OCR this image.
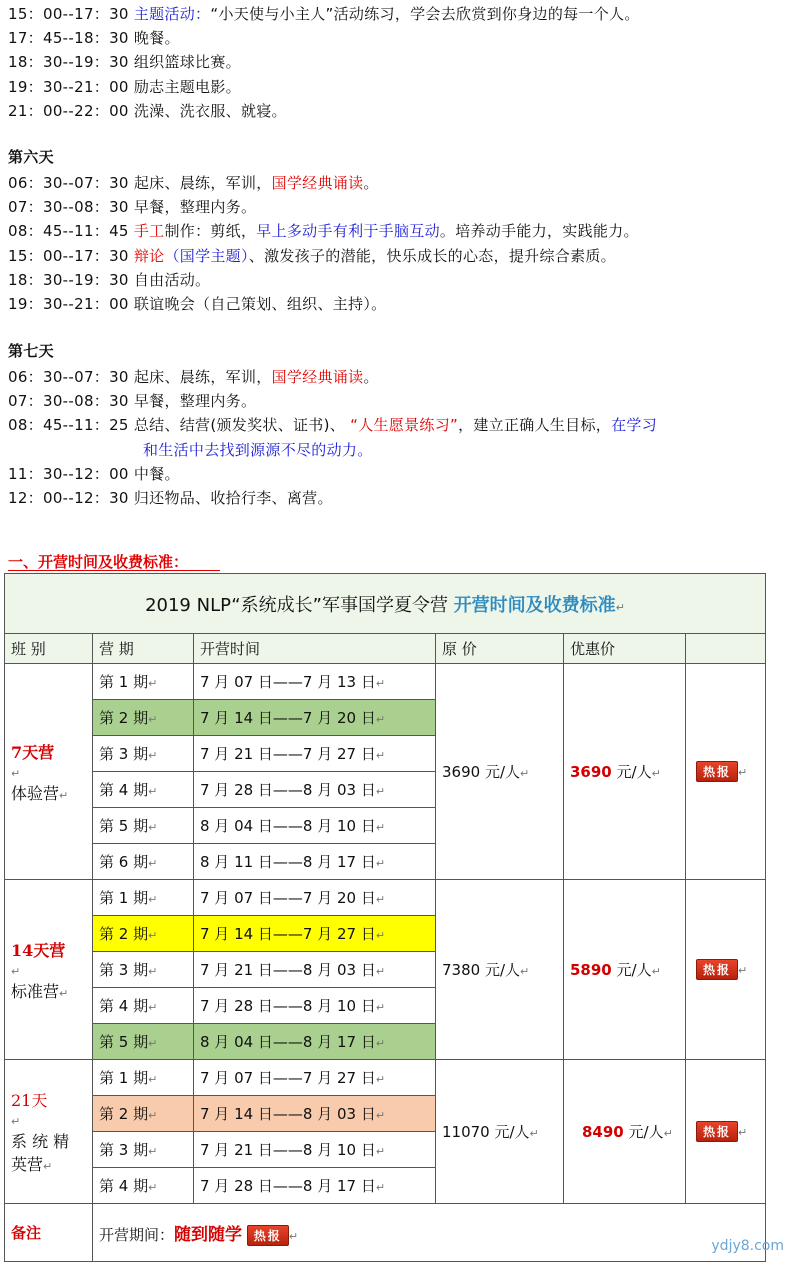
15：00--17：30 主题活动：“小天使与小主人”活动练习，学会去欣赏到你身边的每一个人。
17：45--18：30 晚餐。
18：30--19：30 组织篮球比赛。
19：30--21：00 励志主题电影。
21：00--22：00 洗澡、洗衣服、就寝。
第六天
06：30--07：30 起床、晨练，军训，国学经典诵读。
07：30--08：30 早餐，整理内务。
08：45--11：45 手工制作：剪纸，早上多动手有利于手脑互动。培养动手能力，实践能力。
15：00--17：30 辩论（国学主题）、激发孩子的潜能，快乐成长的心态，提升综合素质。
18：30--19：30 自由活动。
19：30--21：00 联谊晚会（自己策划、组织、主持）。
第七天
06：30--07：30 起床、晨练，军训，国学经典诵读。
07：30--08：30 早餐，整理内务。
08：45--11：25 总结、结营(颁发奖状、证书)、 “人生愿景练习”，建立正确人生目标，在学习
和生活中去找到源源不尽的动力。
11：30--12：00 中餐。
12：00--12：30 归还物品、收拾行李、离营。
一、开营时间及收费标准：
2019 NLP“系统成长”军事国学夏令营 开营时间及收费标准↵					
班 别	营 期	开营时间	原 价	优惠价	
7天营
↵
体验营↵	第 1 期↵	7 月 07 日——7 月 13 日↵	3690 元/人↵	3690 元/人↵	热报 ↵
	第 2 期↵	7 月 14 日——7 月 20 日↵			
	第 3 期↵	7 月 21 日——7 月 27 日↵			
	第 4 期↵	7 月 28 日——8 月 03 日↵			
	第 5 期↵	8 月 04 日——8 月 10 日↵			
	第 6 期↵	8 月 11 日——8 月 17 日↵			
14天营
↵
标准营↵	第 1 期↵	7 月 07 日——7 月 20 日↵	7380 元/人↵	5890 元/人↵	热报 ↵
	第 2 期↵	7 月 14 日——7 月 27 日↵			
	第 3 期↵	7 月 21 日——8 月 03 日↵			
	第 4 期↵	7 月 28 日——8 月 10 日↵			
	第 5 期↵	8 月 04 日——8 月 17 日↵			
21天
↵
系 统 精 英营↵	第 1 期↵	7 月 07 日——7 月 27 日↵	11070 元/人↵	8490 元/人↵	热报 ↵
	第 2 期↵	7 月 14 日——8 月 03 日↵			
	第 3 期↵	7 月 21 日——8 月 10 日↵			
	第 4 期↵	7 月 28 日——8 月 17 日↵			
备注	开营期间：随到随学 热报 ↵				
ydjy8.com
